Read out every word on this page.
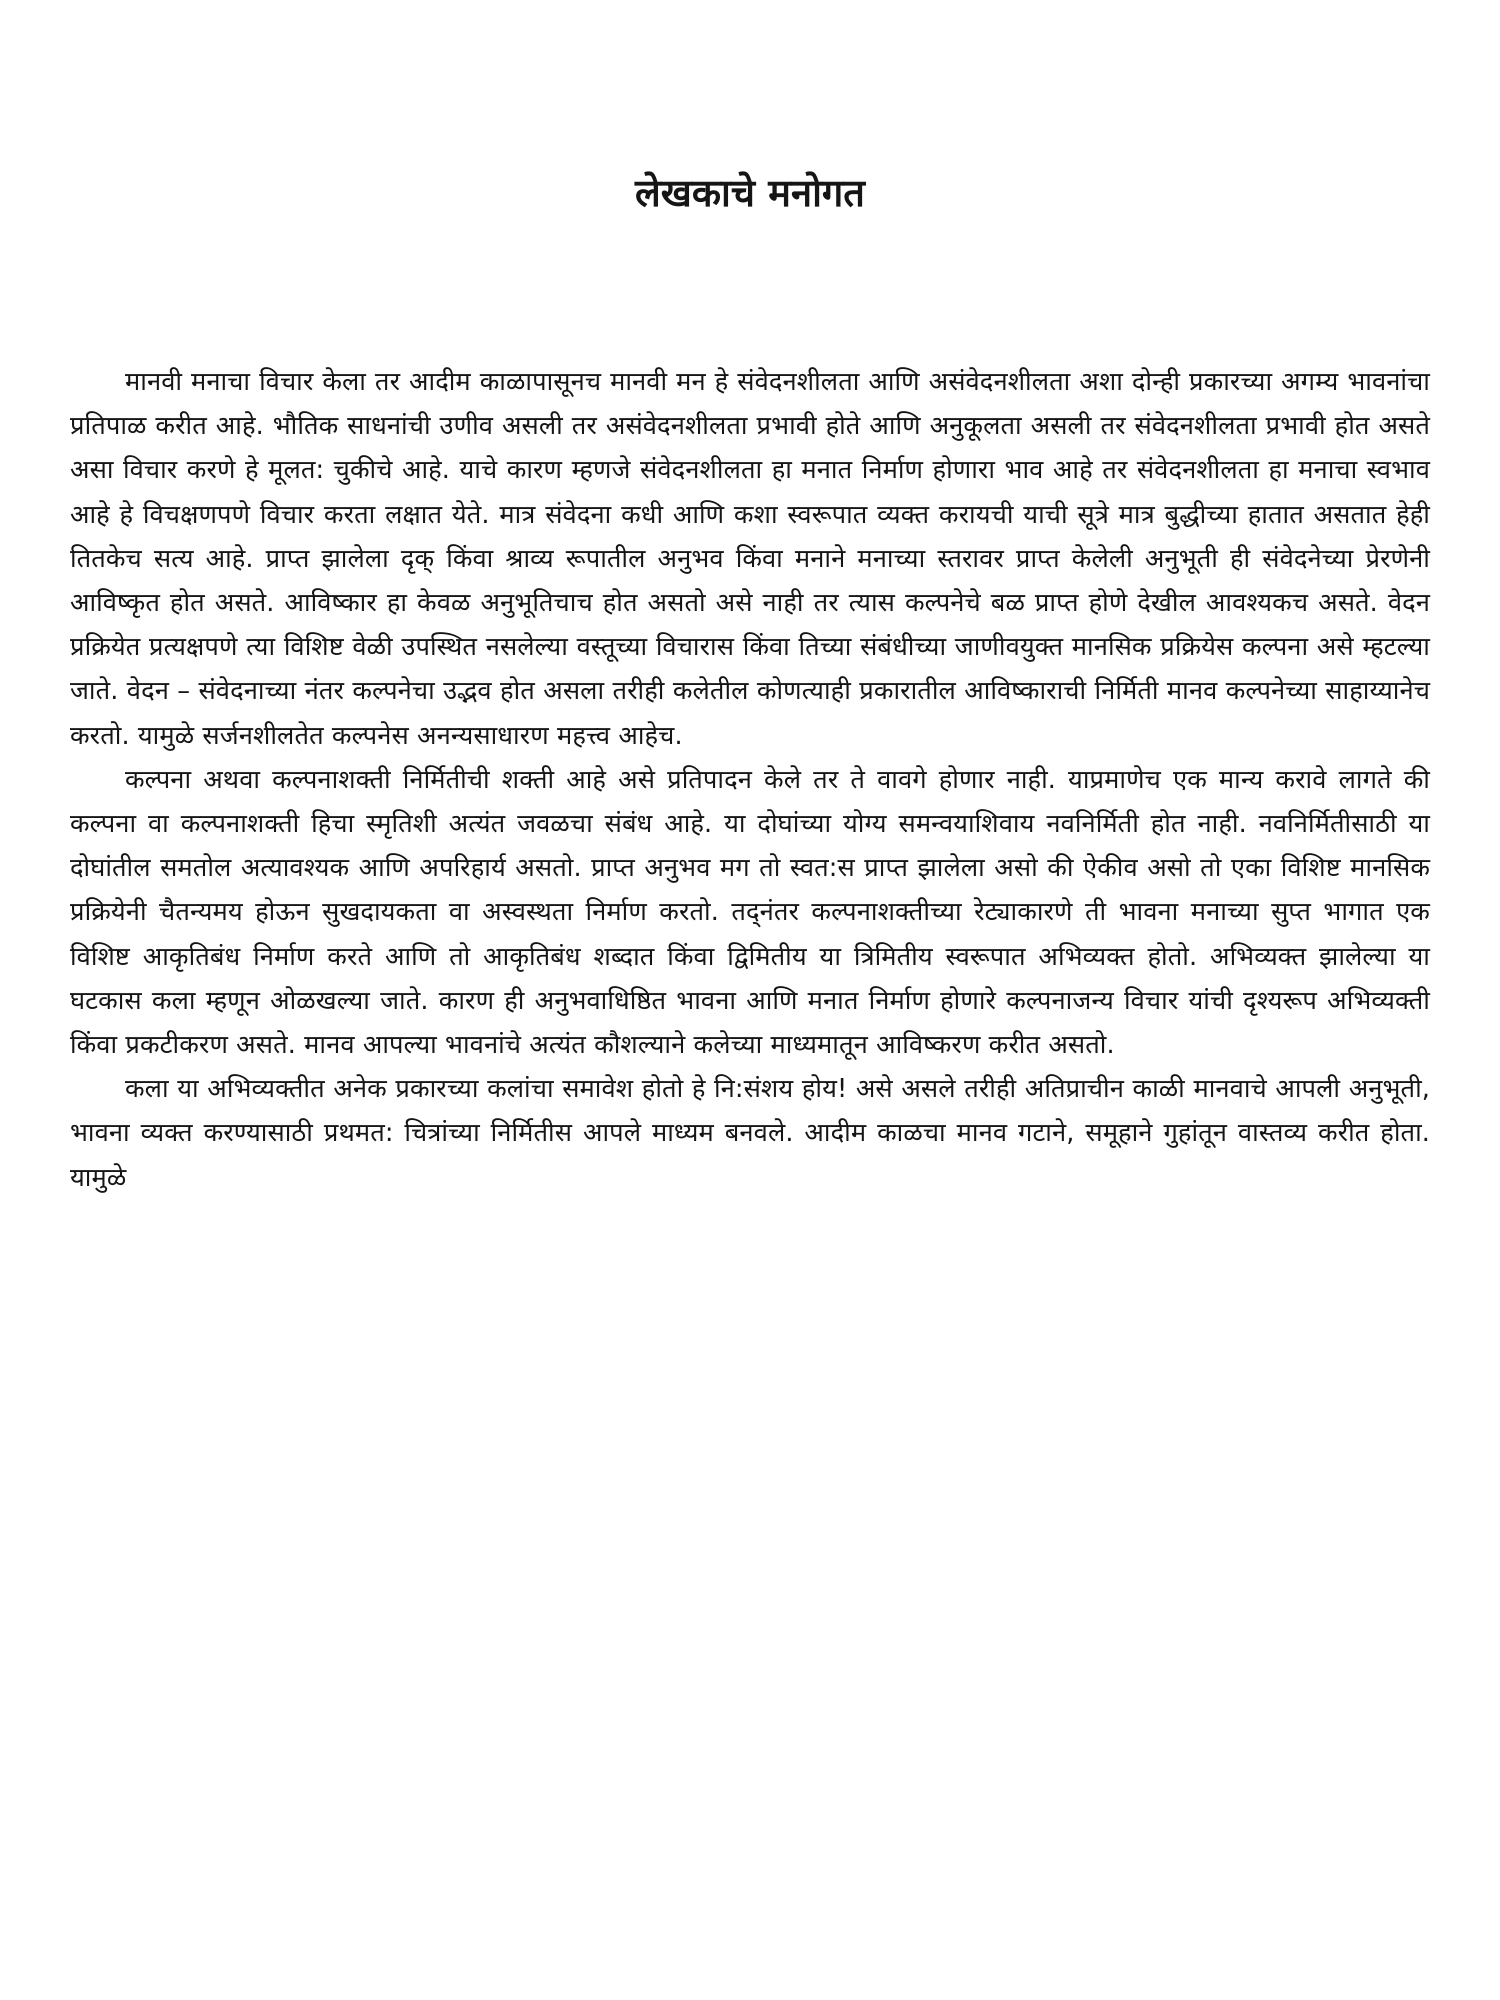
लेखकाचे मनोगत

मानवी मनाचा विचार केला तर आदीम काळापासूनच मानवी मन हे संवेदनशीलता आणि असंवेदनशीलता अशा दोन्ही प्रकारच्या अगम्य भावनांचा प्रतिपाळ करीत आहे. भौतिक साधनांची उणीव असली तर असंवेदनशीलता प्रभावी होते आणि अनुकूलता असली तर संवेदनशीलता प्रभावी होत असते असा विचार करणे हे मूलत: चुकीचे आहे. याचे कारण म्हणजे संवेदनशीलता हा मनात निर्माण होणारा भाव आहे तर संवेदनशीलता हा मनाचा स्वभाव आहे हे विचक्षणपणे विचार करता लक्षात येते. मात्र संवेदना कधी आणि कशा स्वरूपात व्यक्त करायची याची सूत्रे मात्र बुद्धीच्या हातात असतात हेही तितकेच सत्य आहे. प्राप्त झालेला दृक् किंवा श्राव्य रूपातील अनुभव किंवा मनाने मनाच्या स्तरावर प्राप्त केलेली अनुभूती ही संवेदनेच्या प्रेरणेनी आविष्कृत होत असते. आविष्कार हा केवळ अनुभूतिचाच होत असतो असे नाही तर त्यास कल्पनेचे बळ प्राप्त होणे देखील आवश्यकच असते. वेदन प्रक्रियेत प्रत्यक्षपणे त्या विशिष्ट वेळी उपस्थित नसलेल्या वस्तूच्या विचारास किंवा तिच्या संबंधीच्या जाणीवयुक्त मानसिक प्रक्रियेस कल्पना असे म्हटल्या जाते. वेदन – संवेदनाच्या नंतर कल्पनेचा उद्भव होत असला तरीही कलेतील कोणत्याही प्रकारातील आविष्काराची निर्मिती मानव कल्पनेच्या साहाय्यानेच करतो. यामुळे सर्जनशीलतेत कल्पनेस अनन्यसाधारण महत्त्व आहेच.

कल्पना अथवा कल्पनाशक्ती निर्मितीची शक्ती आहे असे प्रतिपादन केले तर ते वावगे होणार नाही. याप्रमाणेच एक मान्य करावे लागते की कल्पना वा कल्पनाशक्ती हिचा स्मृतिशी अत्यंत जवळचा संबंध आहे. या दोघांच्या योग्य समन्वयाशिवाय नवनिर्मिती होत नाही. नवनिर्मितीसाठी या दोघांतील समतोल अत्यावश्यक आणि अपरिहार्य असतो. प्राप्त अनुभव मग तो स्वत:स प्राप्त झालेला असो की ऐकीव असो तो एका विशिष्ट मानसिक प्रक्रियेनी चैतन्यमय होऊन सुखदायकता वा अस्वस्थता निर्माण करतो. तद्नंतर कल्पनाशक्तीच्या रेट्याकारणे ती भावना मनाच्या सुप्त भागात एक विशिष्ट आकृतिबंध निर्माण करते आणि तो आकृतिबंध शब्दात किंवा द्विमितीय या त्रिमितीय स्वरूपात अभिव्यक्त होतो. अभिव्यक्त झालेल्या या घटकास कला म्हणून ओळखल्या जाते. कारण ही अनुभवाधिष्ठित भावना आणि मनात निर्माण होणारे कल्पनाजन्य विचार यांची दृश्यरूप अभिव्यक्ती किंवा प्रकटीकरण असते. मानव आपल्या भावनांचे अत्यंत कौशल्याने कलेच्या माध्यमातून आविष्करण करीत असतो.

कला या अभिव्यक्तीत अनेक प्रकारच्या कलांचा समावेश होतो हे नि:संशय होय! असे असले तरीही अतिप्राचीन काळी मानवाचे आपली अनुभूती, भावना व्यक्त करण्यासाठी प्रथमत: चित्रांच्या निर्मितीस आपले माध्यम बनवले. आदीम काळचा मानव गटाने, समूहाने गुहांतून वास्तव्य करीत होता. यामुळे
